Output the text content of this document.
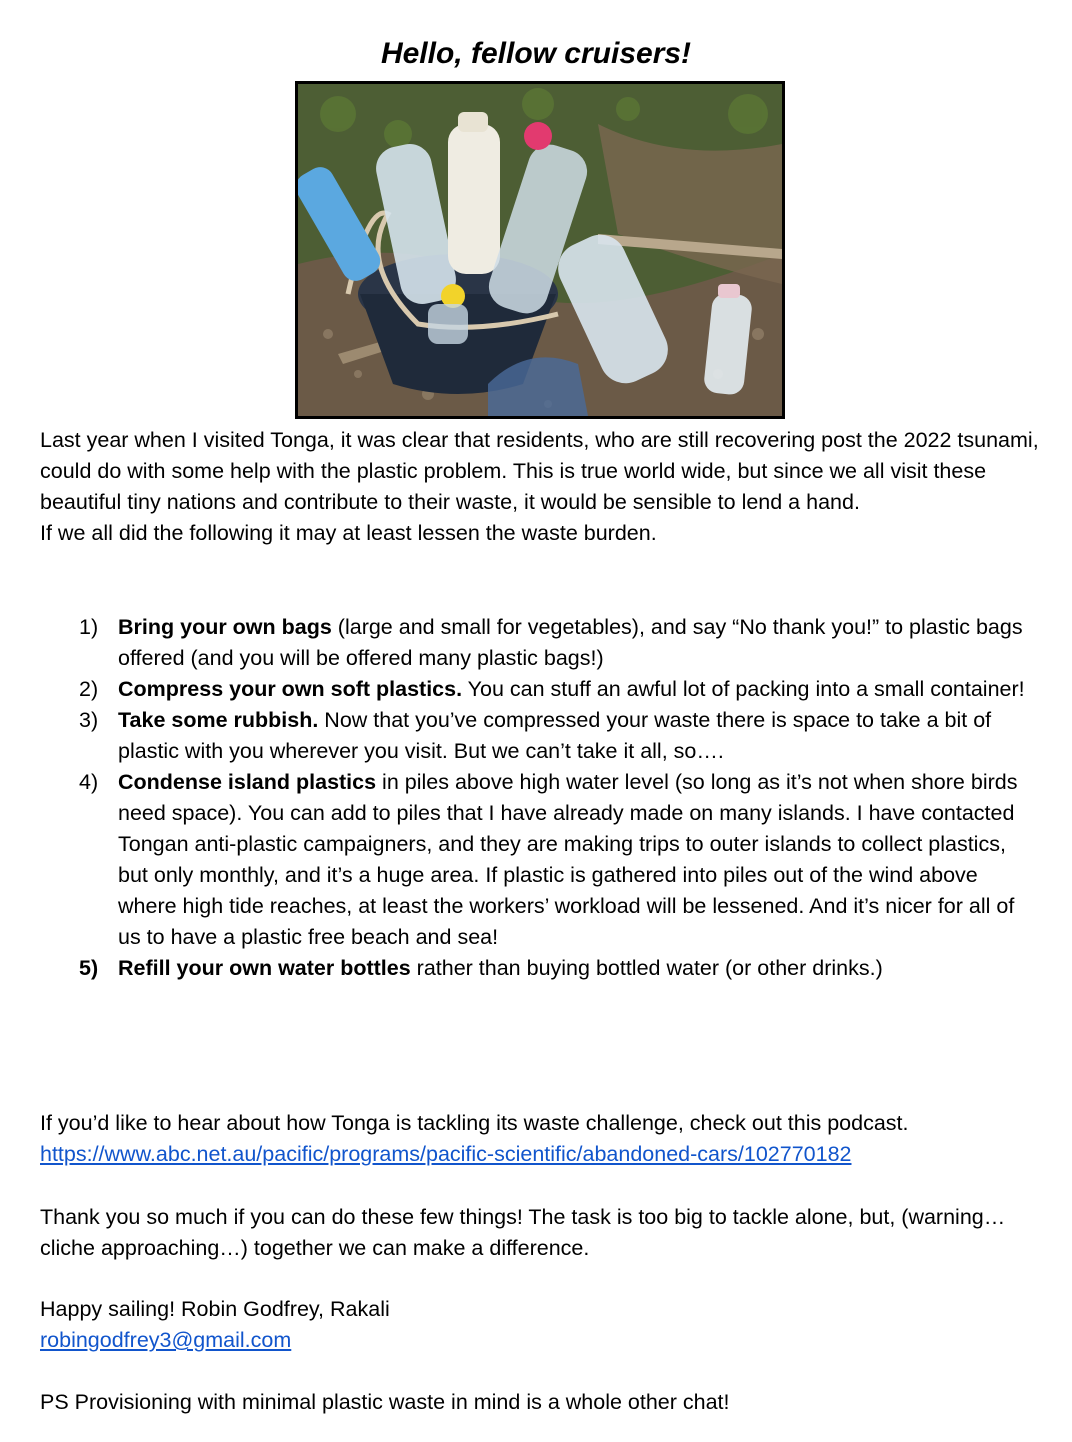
Hello, fellow cruisers!

Last year when I visited Tonga, it was clear that residents, who are still recovering post the 2022 tsunami, could do with some help with the plastic problem. This is true world wide, but since we all visit these beautiful tiny nations and contribute to their waste, it would be sensible to lend a hand.

If we all did the following it may at least lessen the waste burden.

1) Bring your own bags (large and small for vegetables), and say “No thank you!” to plastic bags offered (and you will be offered many plastic bags!)
2) Compress your own soft plastics. You can stuff an awful lot of packing into a small container!
3) Take some rubbish. Now that you’ve compressed your waste there is space to take a bit of plastic with you wherever you visit. But we can’t take it all, so….
4) Condense island plastics in piles above high water level (so long as it’s not when shore birds need space). You can add to piles that I have already made on many islands. I have contacted Tongan anti-plastic campaigners, and they are making trips to outer islands to collect plastics, but only monthly, and it’s a huge area. If plastic is gathered into piles out of the wind above where high tide reaches, at least the workers’ workload will be lessened. And it’s nicer for all of us to have a plastic free beach and sea!
5) Refill your own water bottles rather than buying bottled water (or other drinks.)

If you’d like to hear about how Tonga is tackling its waste challenge, check out this podcast.

https://www.abc.net.au/pacific/programs/pacific-scientific/abandoned-cars/102770182

Thank you so much if you can do these few things! The task is too big to tackle alone, but, (warning…cliche approaching…) together we can make a difference.

Happy sailing! Robin Godfrey, Rakali

robingodfrey3@gmail.com

PS Provisioning with minimal plastic waste in mind is a whole other chat!
